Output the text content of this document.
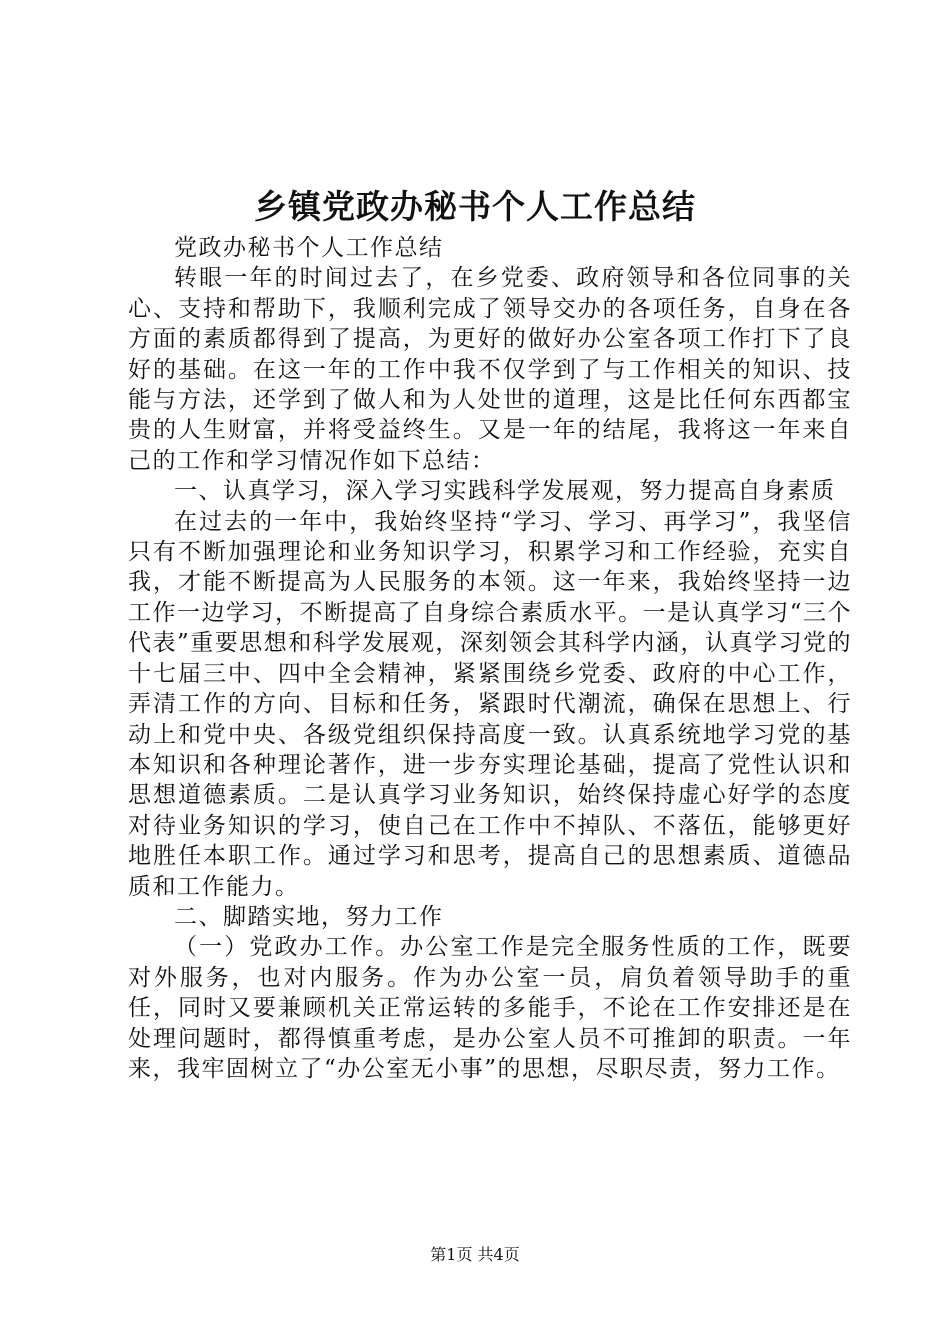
乡镇党政办秘书个人工作总结

党政办秘书个人工作总结

转眼一年的时间过去了，在乡党委、政府领导和各位同事的关心、支持和帮助下，我顺利完成了领导交办的各项任务，自身在各方面的素质都得到了提高，为更好的做好办公室各项工作打下了良好的基础。在这一年的工作中我不仅学到了与工作相关的知识、技能与方法，还学到了做人和为人处世的道理，这是比任何东西都宝贵的人生财富，并将受益终生。又是一年的结尾，我将这一年来自己的工作和学习情况作如下总结：

一、认真学习，深入学习实践科学发展观，努力提高自身素质

在过去的一年中，我始终坚持“学习、学习、再学习”，我坚信只有不断加强理论和业务知识学习，积累学习和工作经验，充实自我，才能不断提高为人民服务的本领。这一年来，我始终坚持一边工作一边学习，不断提高了自身综合素质水平。一是认真学习“三个代表”重要思想和科学发展观，深刻领会其科学内涵，认真学习党的十七届三中、四中全会精神，紧紧围绕乡党委、政府的中心工作，弄清工作的方向、目标和任务，紧跟时代潮流，确保在思想上、行动上和党中央、各级党组织保持高度一致。认真系统地学习党的基本知识和各种理论著作，进一步夯实理论基础，提高了党性认识和思想道德素质。二是认真学习业务知识，始终保持虚心好学的态度对待业务知识的学习，使自己在工作中不掉队、不落伍，能够更好地胜任本职工作。通过学习和思考，提高自己的思想素质、道德品质和工作能力。

二、脚踏实地，努力工作

（一）党政办工作。办公室工作是完全服务性质的工作，既要对外服务，也对内服务。作为办公室一员，肩负着领导助手的重任，同时又要兼顾机关正常运转的多能手，不论在工作安排还是在处理问题时，都得慎重考虑，是办公室人员不可推卸的职责。一年来，我牢固树立了“办公室无小事”的思想，尽职尽责，努力工作。

第1页 共4页
